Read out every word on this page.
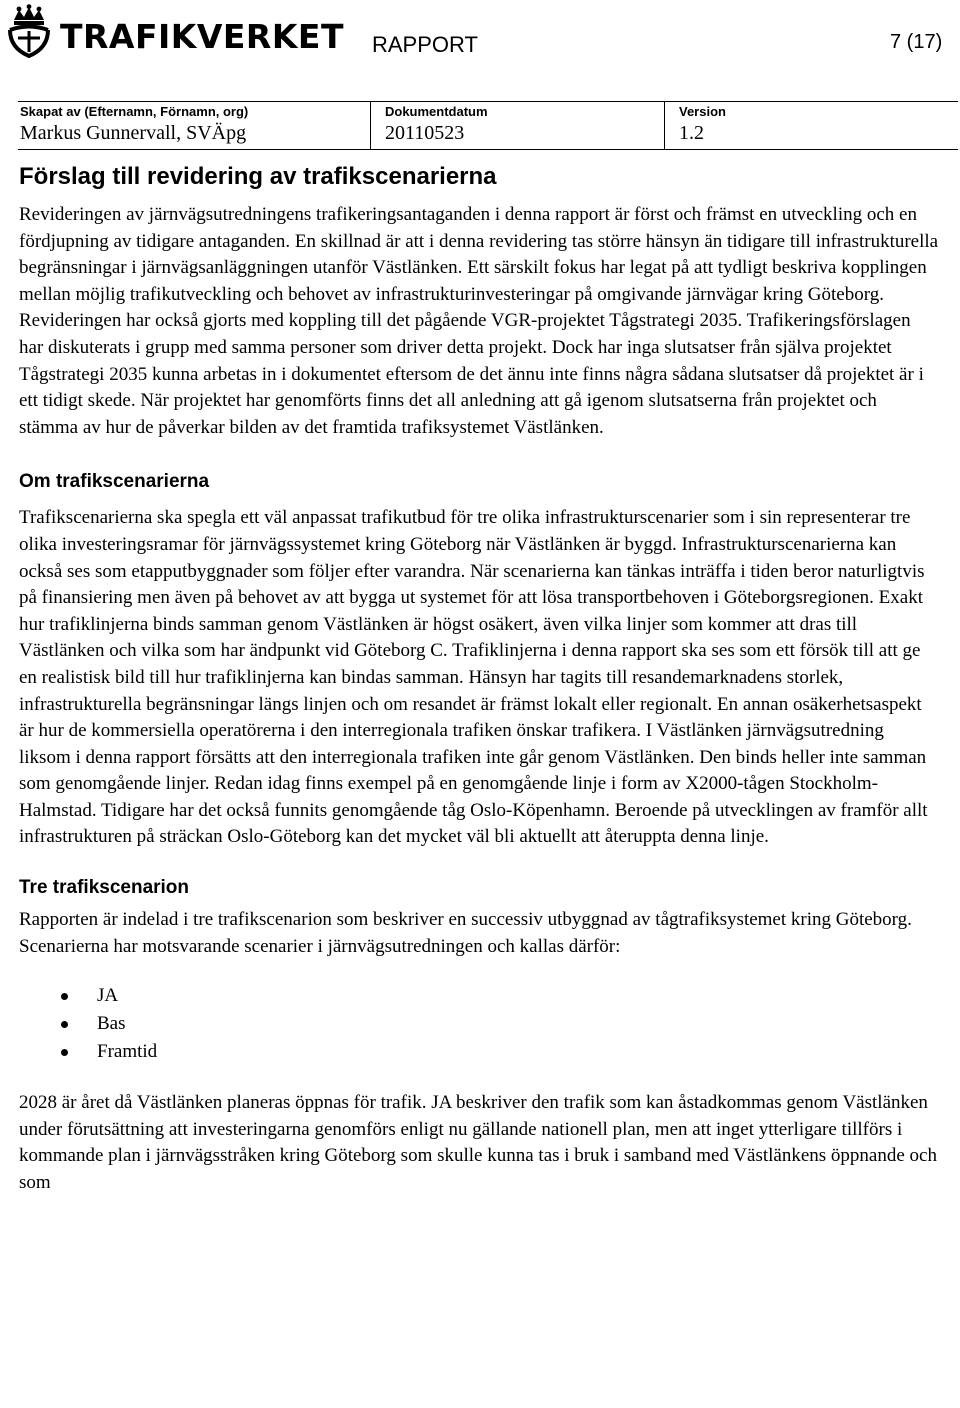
TRAFIKVERKET RAPPORT	7 (17)
Skapat av (Efternamn, Förnamn, org)
Markus Gunnervall, SVÄpg
Dokumentdatum
20110523
Version
1.2
Förslag till revidering av trafikscenarierna

Revideringen av järnvägsutredningens trafikeringsantaganden i denna rapport är först och främst en utveckling och en fördjupning av tidigare antaganden. En skillnad är att i denna revidering tas större hänsyn än tidigare till infrastrukturella begränsningar i järnvägsanläggningen utanför Västlänken. Ett särskilt fokus har legat på att tydligt beskriva kopplingen mellan möjlig trafikutveckling och behovet av infrastrukturinvesteringar på omgivande järnvägar kring Göteborg. Revideringen har också gjorts med koppling till det pågående VGR-projektet Tågstrategi 2035. Trafikeringsförslagen har diskuterats i grupp med samma personer som driver detta projekt. Dock har inga slutsatser från själva projektet Tågstrategi 2035 kunna arbetas in i dokumentet eftersom de det ännu inte finns några sådana slutsatser då projektet är i ett tidigt skede. När projektet har genomförts finns det all anledning att gå igenom slutsatserna från projektet och stämma av hur de påverkar bilden av det framtida trafiksystemet Västlänken.

Om trafikscenarierna

Trafikscenarierna ska spegla ett väl anpassat trafikutbud för tre olika infrastrukturscenarier som i sin representerar tre olika investeringsramar för järnvägssystemet kring Göteborg när Västlänken är byggd. Infrastrukturscenarierna kan också ses som etapputbyggnader som följer efter varandra. När scenarierna kan tänkas inträffa i tiden beror naturligtvis på finansiering men även på behovet av att bygga ut systemet för att lösa transportbehoven i Göteborgsregionen. Exakt hur trafiklinjerna binds samman genom Västlänken är högst osäkert, även vilka linjer som kommer att dras till Västlänken och vilka som har ändpunkt vid Göteborg C. Trafiklinjerna i denna rapport ska ses som ett försök till att ge en realistisk bild till hur trafiklinjerna kan bindas samman. Hänsyn har tagits till resandemarknadens storlek, infrastrukturella begränsningar längs linjen och om resandet är främst lokalt eller regionalt. En annan osäkerhetsaspekt är hur de kommersiella operatörerna i den interregionala trafiken önskar trafikera. I Västlänken järnvägsutredning liksom i denna rapport försätts att den interregionala trafiken inte går genom Västlänken. Den binds heller inte samman som genomgående linjer. Redan idag finns exempel på en genomgående linje i form av X2000-tågen Stockholm-Halmstad. Tidigare har det också funnits genomgående tåg Oslo-Köpenhamn. Beroende på utvecklingen av framför allt infrastrukturen på sträckan Oslo-Göteborg kan det mycket väl bli aktuellt att återuppta denna linje.

Tre trafikscenarion

Rapporten är indelad i tre trafikscenarion som beskriver en successiv utbyggnad av tågtrafiksystemet kring Göteborg. Scenarierna har motsvarande scenarier i järnvägsutredningen och kallas därför:

JA
Bas
Framtid

2028 är året då Västlänken planeras öppnas för trafik. JA beskriver den trafik som kan åstadkommas genom Västlänken under förutsättning att investeringarna genomförs enligt nu gällande nationell plan, men att inget ytterligare tillförs i kommande plan i järnvägsstråken kring Göteborg som skulle kunna tas i bruk i samband med Västlänkens öppnande och som
